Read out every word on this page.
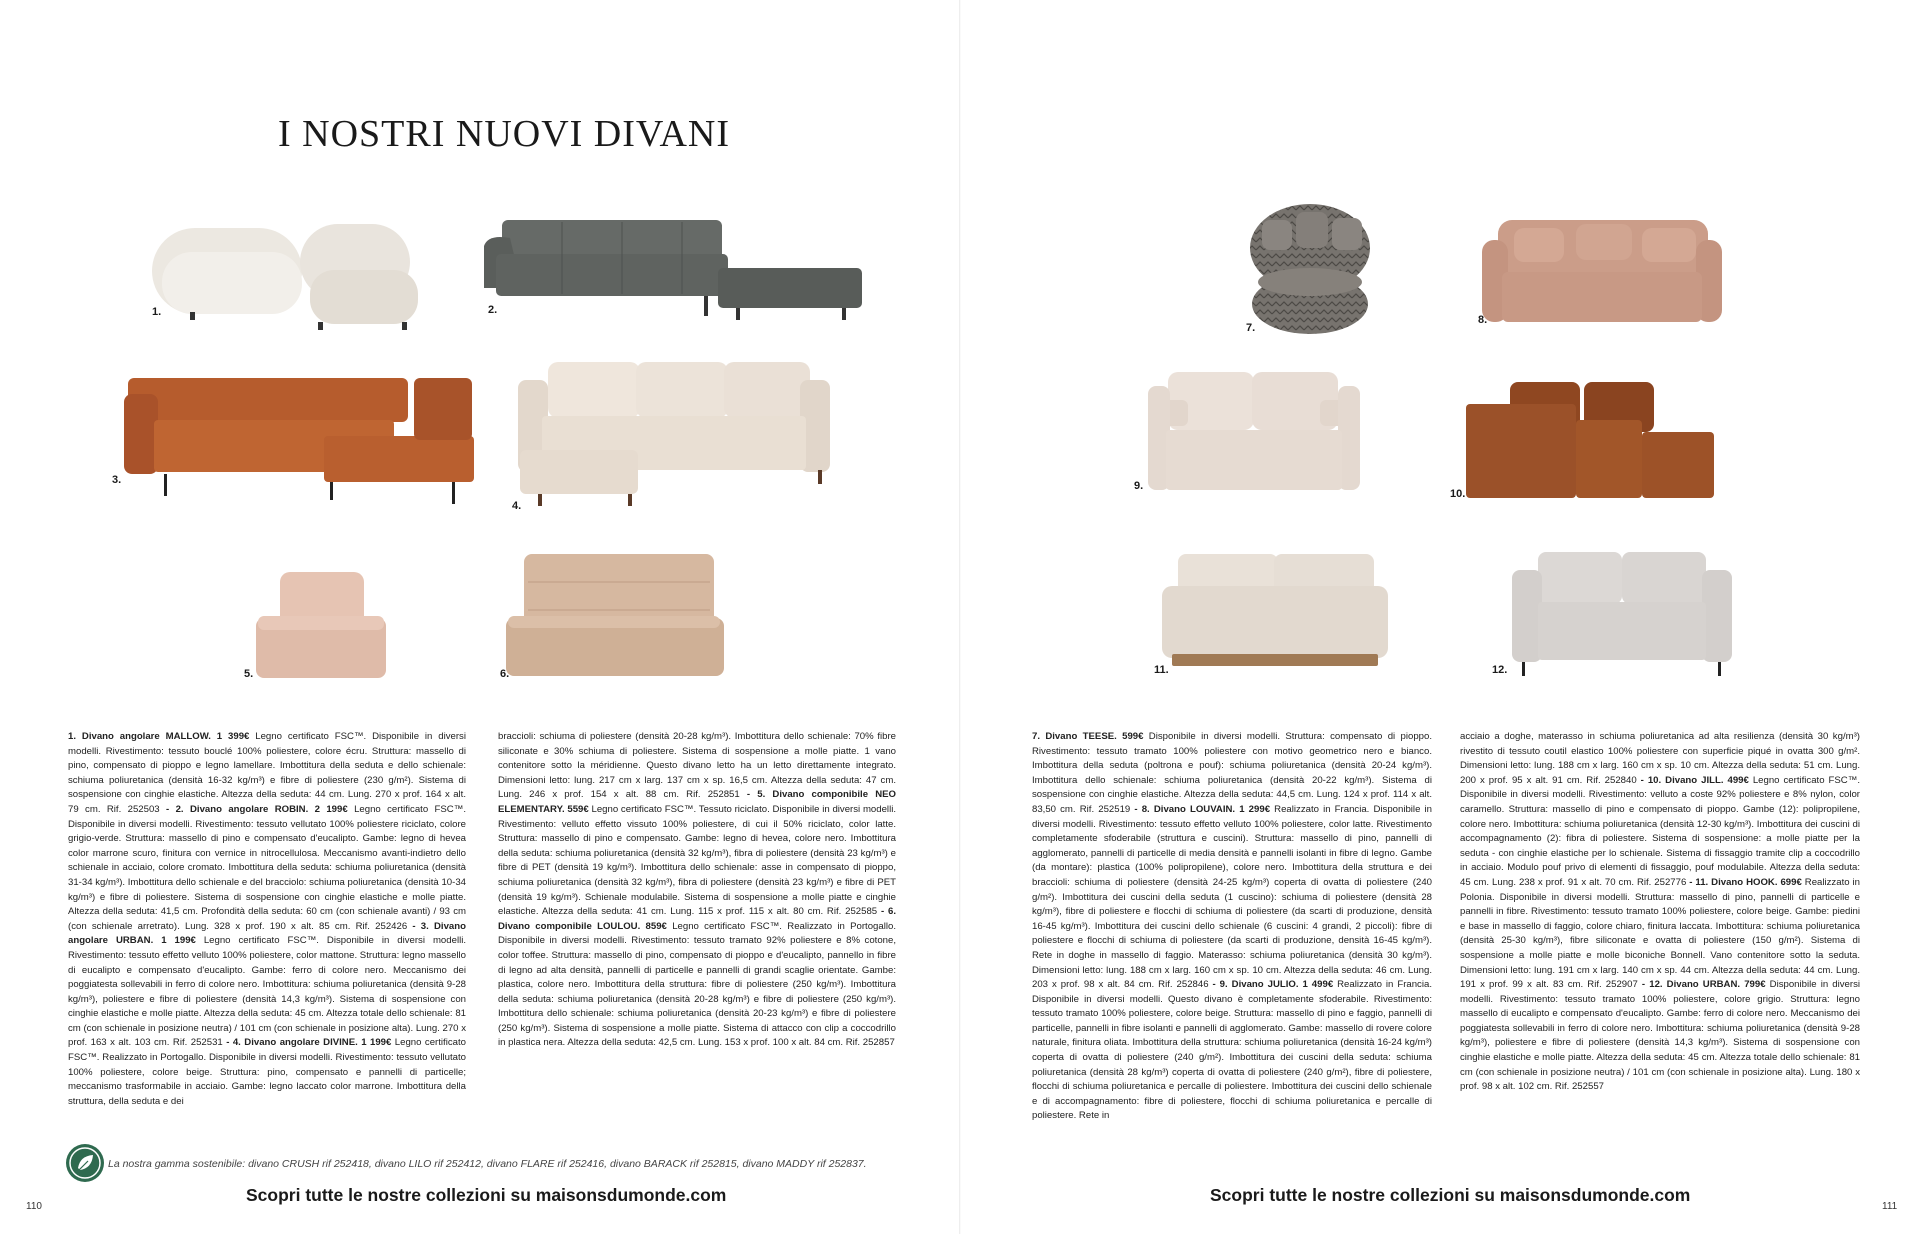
I NOSTRI NUOVI DIVANI
1.	2.
3.
4.
5.	6.

1. Divano angolare MALLOW. 1 399€ Legno certificato FSC™. Disponibile in diversi modelli. Rivestimento: tessuto bouclé 100% poliestere, colore écru. Struttura: massello di pino, compensato di pioppo e legno lamellare. Imbottitura della seduta e dello schienale: schiuma poliuretanica (densità 16-32 kg/m³) e fibre di poliestere (230 g/m²). Sistema di sospensione con cinghie elastiche. Altezza della seduta: 44 cm. Lung. 270 x prof. 164 x alt. 79 cm. Rif. 252503 - 2. Divano angolare ROBIN. 2 199€ Legno certificato FSC™. Disponibile in diversi modelli. Rivestimento: tessuto vellutato 100% poliestere riciclato, colore grigio-verde. Struttura: massello di pino e compensato d'eucalipto. Gambe: legno di hevea color marrone scuro, finitura con vernice in nitrocellulosa. Meccanismo avanti-indietro dello schienale in acciaio, colore cromato. Imbottitura della seduta: schiuma poliuretanica (densità 31-34 kg/m³). Imbottitura dello schienale e del bracciolo: schiuma poliuretanica (densità 10-34 kg/m³) e fibre di poliestere. Sistema di sospensione con cinghie elastiche e molle piatte. Altezza della seduta: 41,5 cm. Profondità della seduta: 60 cm (con schienale avanti) / 93 cm (con schienale arretrato). Lung. 328 x prof. 190 x alt. 85 cm. Rif. 252426 - 3. Divano angolare URBAN. 1 199€ Legno certificato FSC™. Disponibile in diversi modelli. Rivestimento: tessuto effetto velluto 100% poliestere, color mattone. Struttura: legno massello di eucalipto e compensato d'eucalipto. Gambe: ferro di colore nero. Meccanismo dei poggiatesta sollevabili in ferro di colore nero. Imbottitura: schiuma poliuretanica (densità 9-28 kg/m³), poliestere e fibre di poliestere (densità 14,3 kg/m³). Sistema di sospensione con cinghie elastiche e molle piatte. Altezza della seduta: 45 cm. Altezza totale dello schienale: 81 cm (con schienale in posizione neutra) / 101 cm (con schienale in posizione alta). Lung. 270 x prof. 163 x alt. 103 cm. Rif. 252531 - 4. Divano angolare DIVINE. 1 199€ Legno certificato FSC™. Realizzato in Portogallo. Disponibile in diversi modelli. Rivestimento: tessuto vellutato 100% poliestere, colore beige. Struttura: pino, compensato e pannelli di particelle; meccanismo trasformabile in acciaio. Gambe: legno laccato color marrone. Imbottitura della struttura, della seduta e dei

braccioli: schiuma di poliestere (densità 20-28 kg/m³). Imbottitura dello schienale: 70% fibre siliconate e 30% schiuma di poliestere. Sistema di sospensione a molle piatte. 1 vano contenitore sotto la méridienne. Questo divano letto ha un letto direttamente integrato. Dimensioni letto: lung. 217 cm x larg. 137 cm x sp. 16,5 cm. Altezza della seduta: 47 cm. Lung. 246 x prof. 154 x alt. 88 cm. Rif. 252851 - 5. Divano componibile NEO ELEMENTARY. 559€ Legno certificato FSC™. Tessuto riciclato. Disponibile in diversi modelli. Rivestimento: velluto effetto vissuto 100% poliestere, di cui il 50% riciclato, color latte. Struttura: massello di pino e compensato. Gambe: legno di hevea, colore nero. Imbottitura della seduta: schiuma poliuretanica (densità 32 kg/m³), fibra di poliestere (densità 23 kg/m³) e fibre di PET (densità 19 kg/m³). Imbottitura dello schienale: asse in compensato di pioppo, schiuma poliuretanica (densità 32 kg/m³), fibra di poliestere (densità 23 kg/m³) e fibre di PET (densità 19 kg/m³). Schienale modulabile. Sistema di sospensione a molle piatte e cinghie elastiche. Altezza della seduta: 41 cm. Lung. 115 x prof. 115 x alt. 80 cm. Rif. 252585 - 6. Divano componibile LOULOU. 859€ Legno certificato FSC™. Realizzato in Portogallo. Disponibile in diversi modelli. Rivestimento: tessuto tramato 92% poliestere e 8% cotone, color toffee. Struttura: massello di pino, compensato di pioppo e d'eucalipto, pannello in fibre di legno ad alta densità, pannelli di particelle e pannelli di grandi scaglie orientate. Gambe: plastica, colore nero. Imbottitura della struttura: fibre di poliestere (250 kg/m³). Imbottitura della seduta: schiuma poliuretanica (densità 20-28 kg/m³) e fibre di poliestere (250 kg/m³). Imbottitura dello schienale: schiuma poliuretanica (densità 20-23 kg/m³) e fibre di poliestere (250 kg/m³). Sistema di sospensione a molle piatte. Sistema di attacco con clip a coccodrillo in plastica nera. Altezza della seduta: 42,5 cm. Lung. 153 x prof. 100 x alt. 84 cm. Rif. 252857

La nostra gamma sostenibile: divano CRUSH rif 252418, divano LILO rif 252412, divano FLARE rif 252416, divano BARACK rif 252815, divano MADDY rif 252837.
Scopri tutte le nostre collezioni su maisonsdumonde.com
110
7.
8.
9.
10.
11.	12.

7. Divano TEESE. 599€ Disponibile in diversi modelli. Struttura: compensato di pioppo. Rivestimento: tessuto tramato 100% poliestere con motivo geometrico nero e bianco. Imbottitura della seduta (poltrona e pouf): schiuma poliuretanica (densità 20-24 kg/m³). Imbottitura dello schienale: schiuma poliuretanica (densità 20-22 kg/m³). Sistema di sospensione con cinghie elastiche. Altezza della seduta: 44,5 cm. Lung. 124 x prof. 114 x alt. 83,50 cm. Rif. 252519 - 8. Divano LOUVAIN. 1 299€ Realizzato in Francia. Disponibile in diversi modelli. Rivestimento: tessuto effetto velluto 100% poliestere, color latte. Rivestimento completamente sfoderabile (struttura e cuscini). Struttura: massello di pino, pannelli di agglomerato, pannelli di particelle di media densità e pannelli isolanti in fibre di legno. Gambe (da montare): plastica (100% polipropilene), colore nero. Imbottitura della struttura e dei braccioli: schiuma di poliestere (densità 24-25 kg/m³) coperta di ovatta di poliestere (240 g/m²). Imbottitura dei cuscini della seduta (1 cuscino): schiuma di poliestere (densità 28 kg/m³), fibre di poliestere e flocchi di schiuma di poliestere (da scarti di produzione, densità 16-45 kg/m³). Imbottitura dei cuscini dello schienale (6 cuscini: 4 grandi, 2 piccoli): fibre di poliestere e flocchi di schiuma di poliestere (da scarti di produzione, densità 16-45 kg/m³). Rete in doghe in massello di faggio. Materasso: schiuma poliuretanica (densità 30 kg/m³). Dimensioni letto: lung. 188 cm x larg. 160 cm x sp. 10 cm. Altezza della seduta: 46 cm. Lung. 203 x prof. 98 x alt. 84 cm. Rif. 252846 - 9. Divano JULIO. 1 499€ Realizzato in Francia. Disponibile in diversi modelli. Questo divano è completamente sfoderabile. Rivestimento: tessuto tramato 100% poliestere, colore beige. Struttura: massello di pino e faggio, pannelli di particelle, pannelli in fibre isolanti e pannelli di agglomerato. Gambe: massello di rovere colore naturale, finitura oliata. Imbottitura della struttura: schiuma poliuretanica (densità 16-24 kg/m³) coperta di ovatta di poliestere (240 g/m²). Imbottitura dei cuscini della seduta: schiuma poliuretanica (densità 28 kg/m³) coperta di ovatta di poliestere (240 g/m²), fibre di poliestere, flocchi di schiuma poliuretanica e percalle di poliestere. Imbottitura dei cuscini dello schienale e di accompagnamento: fibre di poliestere, flocchi di schiuma poliuretanica e percalle di poliestere. Rete in

acciaio a doghe, materasso in schiuma poliuretanica ad alta resilienza (densità 30 kg/m³) rivestito di tessuto coutil elastico 100% poliestere con superficie piqué in ovatta 300 g/m². Dimensioni letto: lung. 188 cm x larg. 160 cm x sp. 10 cm. Altezza della seduta: 51 cm. Lung. 200 x prof. 95 x alt. 91 cm. Rif. 252840 - 10. Divano JILL. 499€ Legno certificato FSC™. Disponibile in diversi modelli. Rivestimento: velluto a coste 92% poliestere e 8% nylon, color caramello. Struttura: massello di pino e compensato di pioppo. Gambe (12): polipropilene, colore nero. Imbottitura: schiuma poliuretanica (densità 12-30 kg/m³). Imbottitura dei cuscini di accompagnamento (2): fibra di poliestere. Sistema di sospensione: a molle piatte per la seduta - con cinghie elastiche per lo schienale. Sistema di fissaggio tramite clip a coccodrillo in acciaio. Modulo pouf privo di elementi di fissaggio, pouf modulabile. Altezza della seduta: 45 cm. Lung. 238 x prof. 91 x alt. 70 cm. Rif. 252776 - 11. Divano HOOK. 699€ Realizzato in Polonia. Disponibile in diversi modelli. Struttura: massello di pino, pannelli di particelle e pannelli in fibre. Rivestimento: tessuto tramato 100% poliestere, colore beige. Gambe: piedini e base in massello di faggio, colore chiaro, finitura laccata. Imbottitura: schiuma poliuretanica (densità 25-30 kg/m³), fibre siliconate e ovatta di poliestere (150 g/m²). Sistema di sospensione a molle piatte e molle biconiche Bonnell. Vano contenitore sotto la seduta. Dimensioni letto: lung. 191 cm x larg. 140 cm x sp. 44 cm. Altezza della seduta: 44 cm. Lung. 191 x prof. 99 x alt. 83 cm. Rif. 252907 - 12. Divano URBAN. 799€ Disponibile in diversi modelli. Rivestimento: tessuto tramato 100% poliestere, colore grigio. Struttura: legno massello di eucalipto e compensato d'eucalipto. Gambe: ferro di colore nero. Meccanismo dei poggiatesta sollevabili in ferro di colore nero. Imbottitura: schiuma poliuretanica (densità 9-28 kg/m³), poliestere e fibre di poliestere (densità 14,3 kg/m³). Sistema di sospensione con cinghie elastiche e molle piatte. Altezza della seduta: 45 cm. Altezza totale dello schienale: 81 cm (con schienale in posizione neutra) / 101 cm (con schienale in posizione alta). Lung. 180 x prof. 98 x alt. 102 cm. Rif. 252557

Scopri tutte le nostre collezioni su maisonsdumonde.com
111
